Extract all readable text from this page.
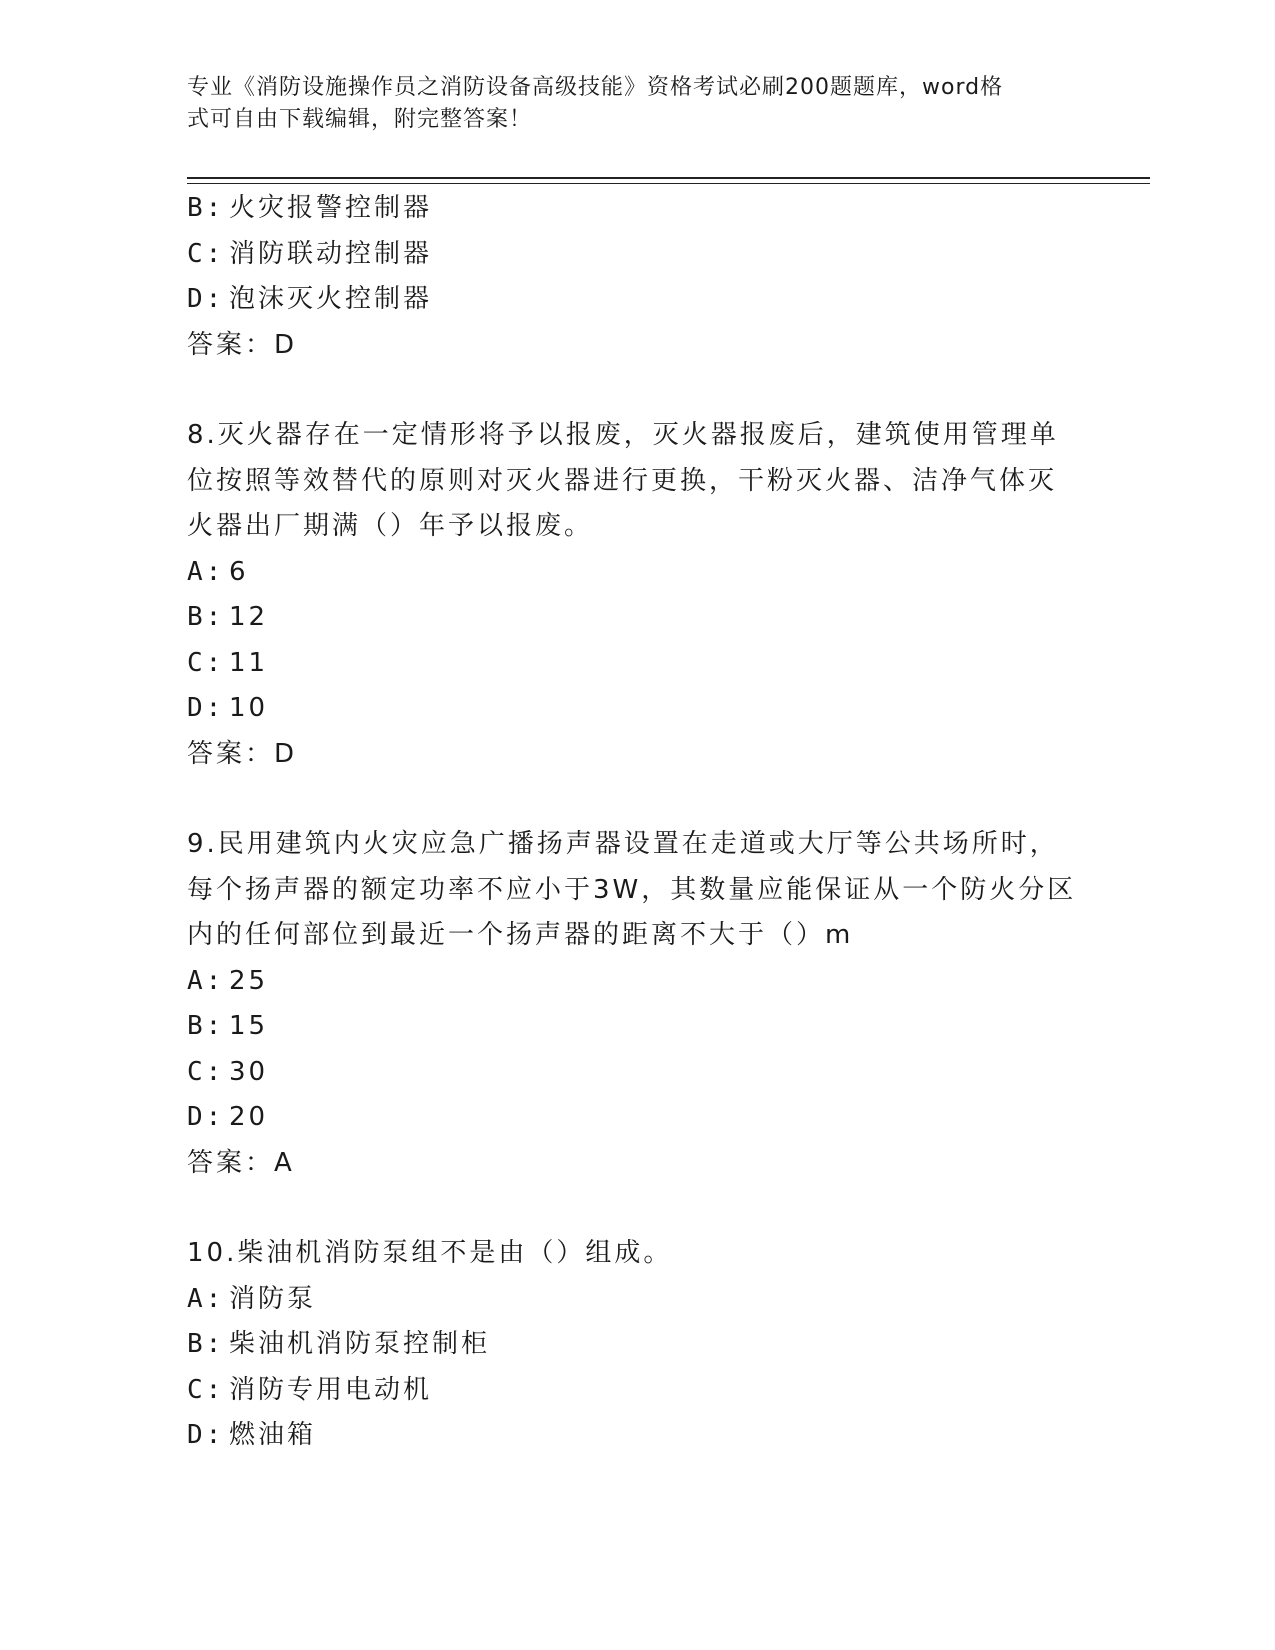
专业《消防设施操作员之消防设备高级技能》资格考试必刷200题题库，word格
式可自由下载编辑，附完整答案！
B: 火灾报警控制器
C: 消防联动控制器
D: 泡沫灭火控制器
答案：D
8.灭火器存在一定情形将予以报废，灭火器报废后，建筑使用管理单
位按照等效替代的原则对灭火器进行更换，干粉灭火器、洁净气体灭
火器出厂期满（）年予以报废。
A: 6
B: 12
C: 11
D: 10
答案：D
9.民用建筑内火灾应急广播扬声器设置在走道或大厅等公共场所时，
每个扬声器的额定功率不应小于3W，其数量应能保证从一个防火分区
内的任何部位到最近一个扬声器的距离不大于（）m
A: 25
B: 15
C: 30
D: 20
答案：A
10.柴油机消防泵组不是由（）组成。
A: 消防泵
B: 柴油机消防泵控制柜
C: 消防专用电动机
D: 燃油箱
